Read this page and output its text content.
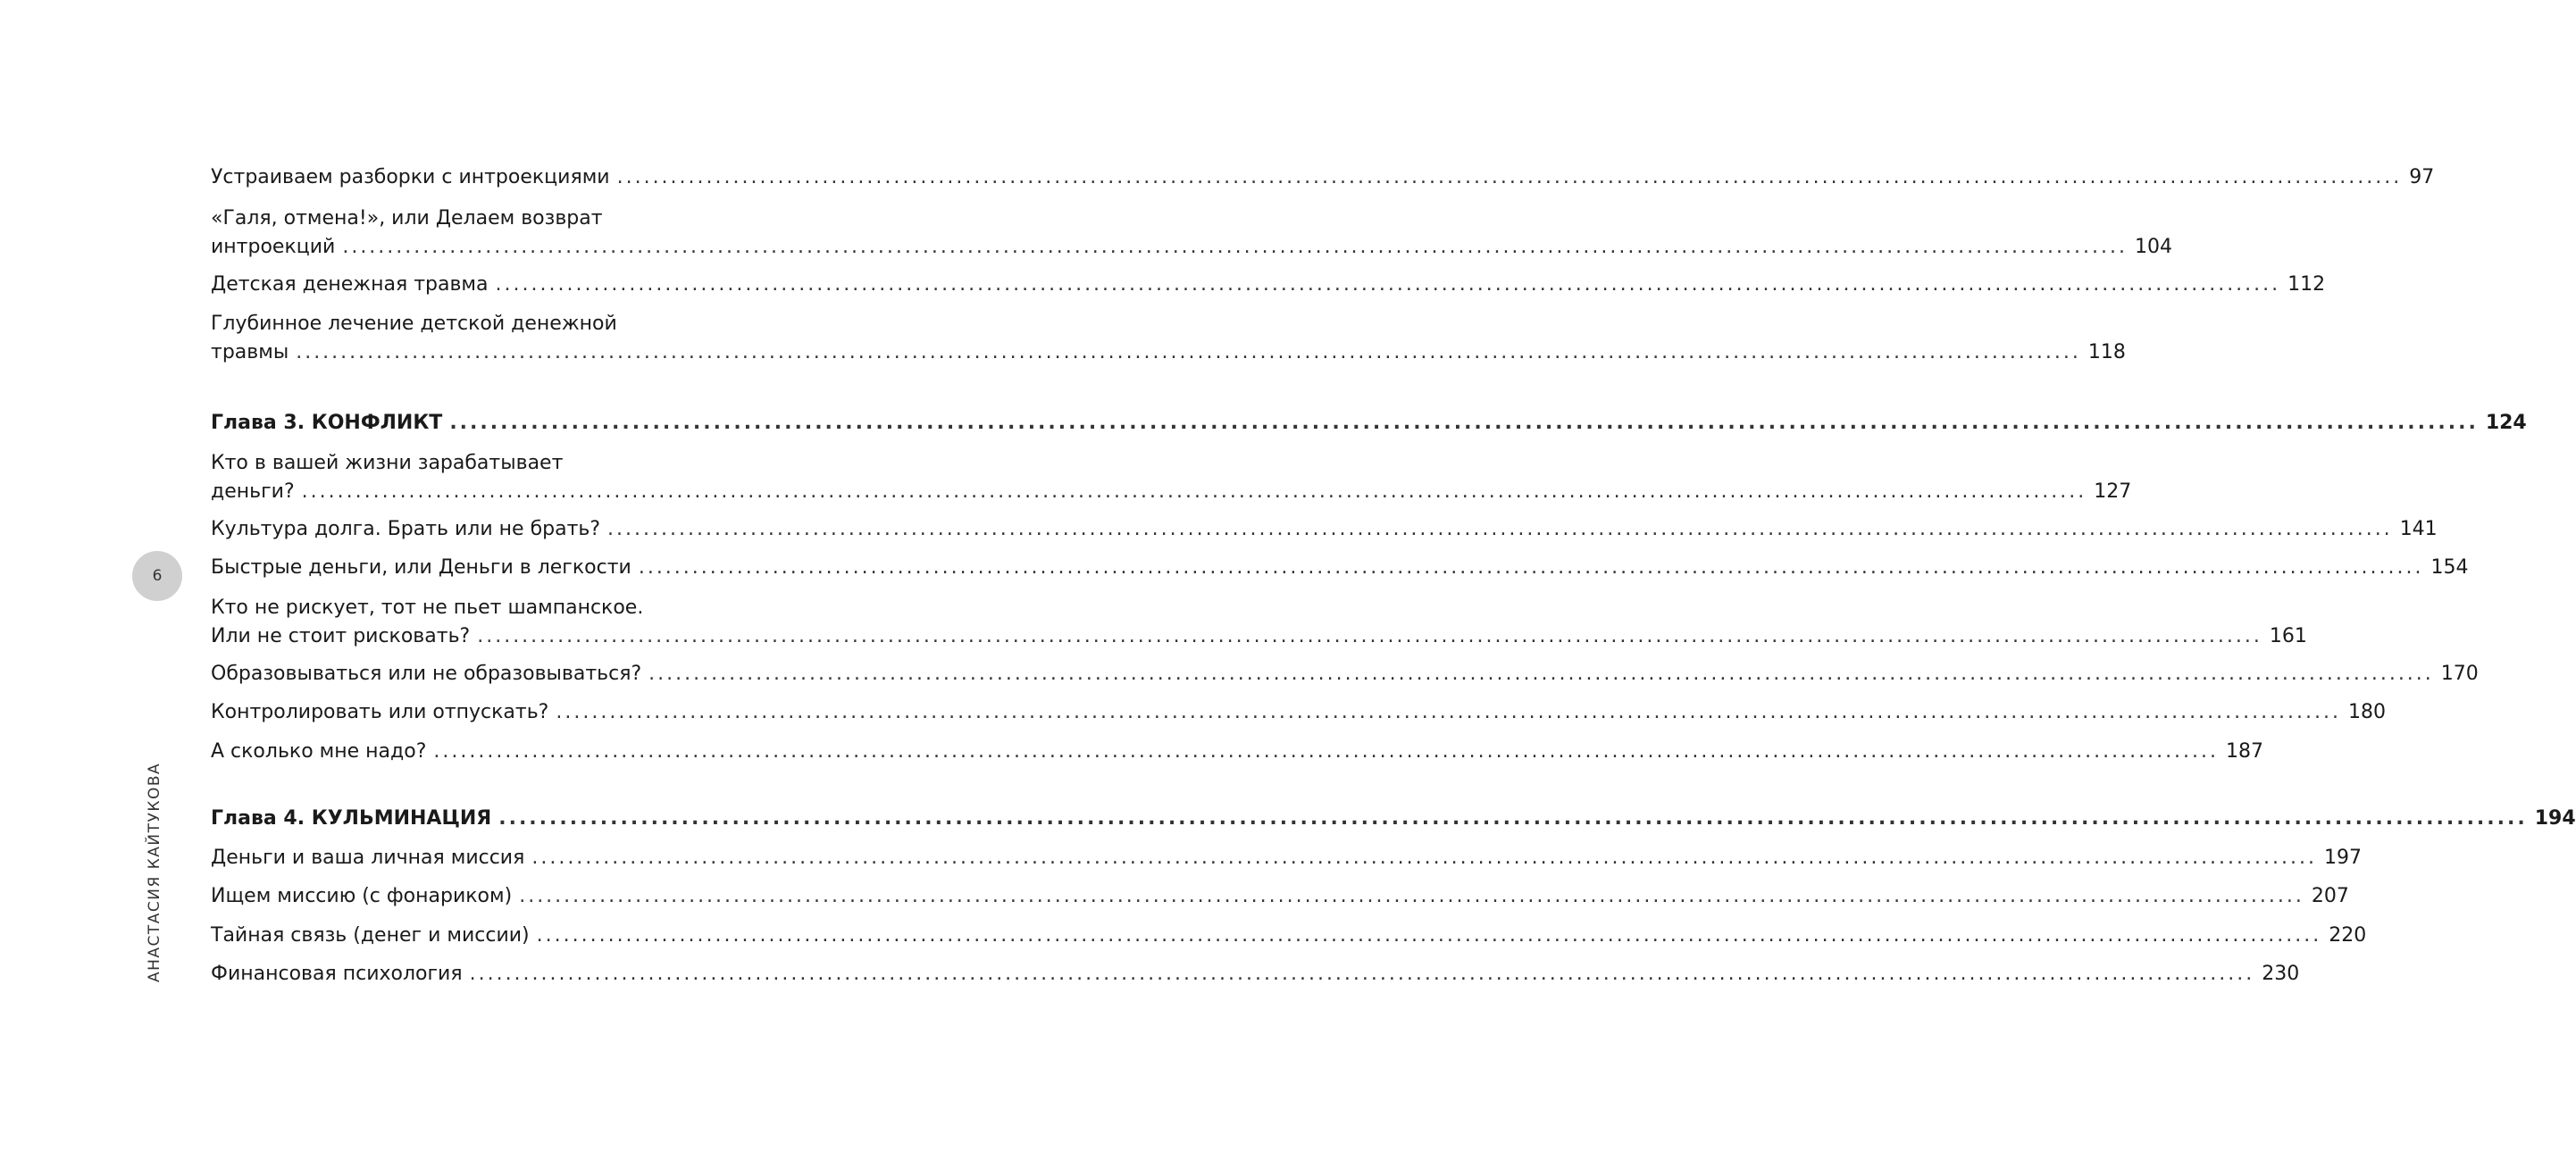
Устраиваем разборки с интроекциями ........................................................................................................................................................................................................ 97
«Галя, отмена!», или Делаем возврат
интроекций ........................................................................................................................................................................................................ 104
Детская денежная травма ........................................................................................................................................................................................................ 112
Глубинное лечение детской денежной
травмы ........................................................................................................................................................................................................ 118
Глава 3. КОНФЛИКТ ........................................................................................................................................................................................................ 124
Кто в вашей жизни зарабатывает
деньги? ........................................................................................................................................................................................................ 127
Культура долга. Брать или не брать? ........................................................................................................................................................................................................ 141
Быстрые деньги, или Деньги в легкости ........................................................................................................................................................................................................ 154
Кто не рискует, тот не пьет шампанское.
Или не стоит рисковать? ........................................................................................................................................................................................................ 161
Образовываться или не образовываться? ........................................................................................................................................................................................................ 170
Контролировать или отпускать? ........................................................................................................................................................................................................ 180
А сколько мне надо? ........................................................................................................................................................................................................ 187
Глава 4. КУЛЬМИНАЦИЯ ........................................................................................................................................................................................................ 194
Деньги и ваша личная миссия ........................................................................................................................................................................................................ 197
Ищем миссию (с фонариком) ........................................................................................................................................................................................................ 207
Тайная связь (денег и миссии) ........................................................................................................................................................................................................ 220
Финансовая психология ........................................................................................................................................................................................................ 230
6
АНАСТАСИЯ КАЙТУКОВА
